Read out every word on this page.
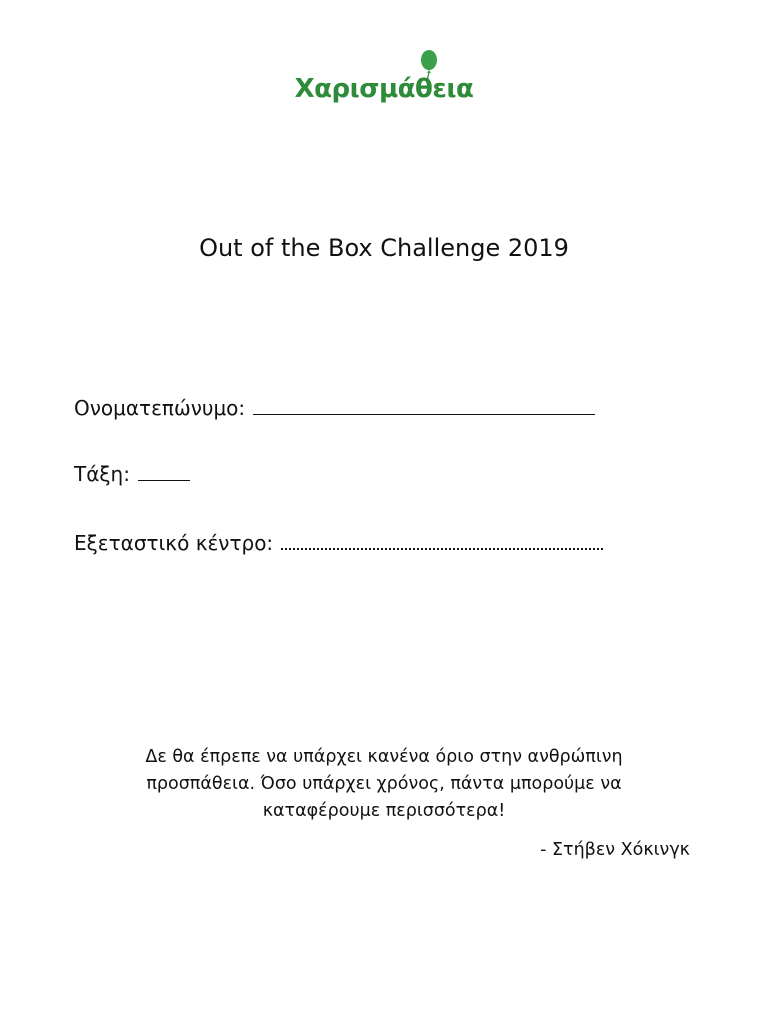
Χαρισμάθεια
Out of the Box Challenge 2019
Ονοματεπώνυμο:
Τάξη:
Εξεταστικό κέντρο:
Δε θα έπρεπε να υπάρχει κανένα όριο στην ανθρώπινη προσπάθεια. Όσο υπάρχει χρόνος, πάντα μπορούμε να καταφέρουμε περισσότερα!
- Στήβεν Χόκινγκ
